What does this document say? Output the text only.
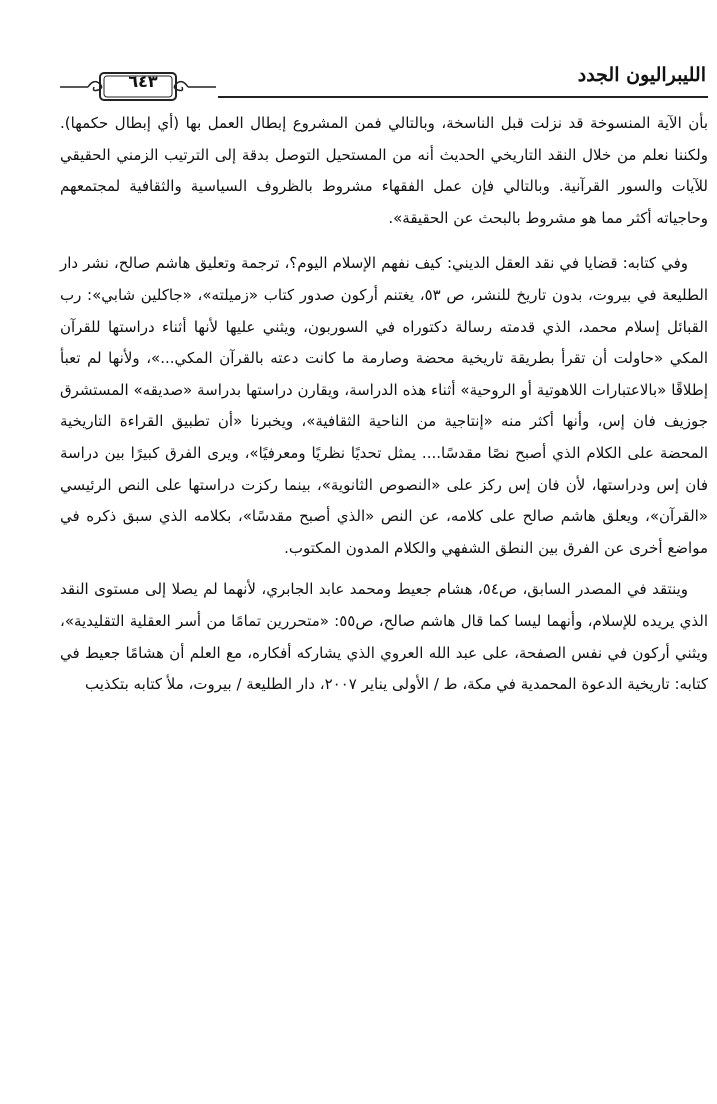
٦٤٣	الليبراليون الجدد

بأن الآية المنسوخة قد نزلت قبل الناسخة، وبالتالي فمن المشروع إبطال العمل بها (أي إبطال حكمها). ولكننا نعلم من خلال النقد التاريخي الحديث أنه من المستحيل التوصل بدقة إلى الترتيب الزمني الحقيقي للآيات والسور القرآنية. وبالتالي فإن عمل الفقهاء مشروط بالظروف السياسية والثقافية لمجتمعهم وحاجياته أكثر مما هو مشروط بالبحث عن الحقيقة».

وفي كتابه: قضايا في نقد العقل الديني: كيف نفهم الإسلام اليوم؟، ترجمة وتعليق هاشم صالح، نشر دار الطليعة في بيروت، بدون تاريخ للنشر، ص ٥٣، يغتنم أركون صدور كتاب «زميلته»، «جاكلين شابي»: رب القبائل إسلام محمد، الذي قدمته رسالة دكتوراه في السوربون، ويثني عليها لأنها أثناء دراستها للقرآن المكي «حاولت أن تقرأ بطريقة تاريخية محضة وصارمة ما كانت دعته بالقرآن المكي...»، ولأنها لم تعبأ إطلاقًا «بالاعتبارات اللاهوتية أو الروحية» أثناء هذه الدراسة، ويقارن دراستها بدراسة «صديقه» المستشرق جوزيف فان إس، وأنها أكثر منه «إنتاجية من الناحية الثقافية»، ويخبرنا «أن تطبيق القراءة التاريخية المحضة على الكلام الذي أصبح نصًا مقدسًا.... يمثل تحديًا نظريًا ومعرفيًا»، ويرى الفرق كبيرًا بين دراسة فان إس ودراستها، لأن فان إس ركز على «النصوص الثانوية»، بينما ركزت دراستها على النص الرئيسي «القرآن»، ويعلق هاشم صالح على كلامه، عن النص «الذي أصبح مقدسًا»، بكلامه الذي سبق ذكره في مواضع أخرى عن الفرق بين النطق الشفهي والكلام المدون المكتوب.

وينتقد في المصدر السابق، ص٥٤، هشام جعيط ومحمد عابد الجابري، لأنهما لم يصلا إلى مستوى النقد الذي يريده للإسلام، وأنهما ليسا كما قال هاشم صالح، ص٥٥: «متحررين تمامًا من أسر العقلية التقليدية»، ويثني أركون في نفس الصفحة، على عبد الله العروي الذي يشاركه أفكاره، مع العلم أن هشامًا جعيط في كتابه: تاريخية الدعوة المحمدية في مكة، ط / الأولى يناير ٢٠٠٧، دار الطليعة / بيروت، ملأ كتابه بتكذيب
